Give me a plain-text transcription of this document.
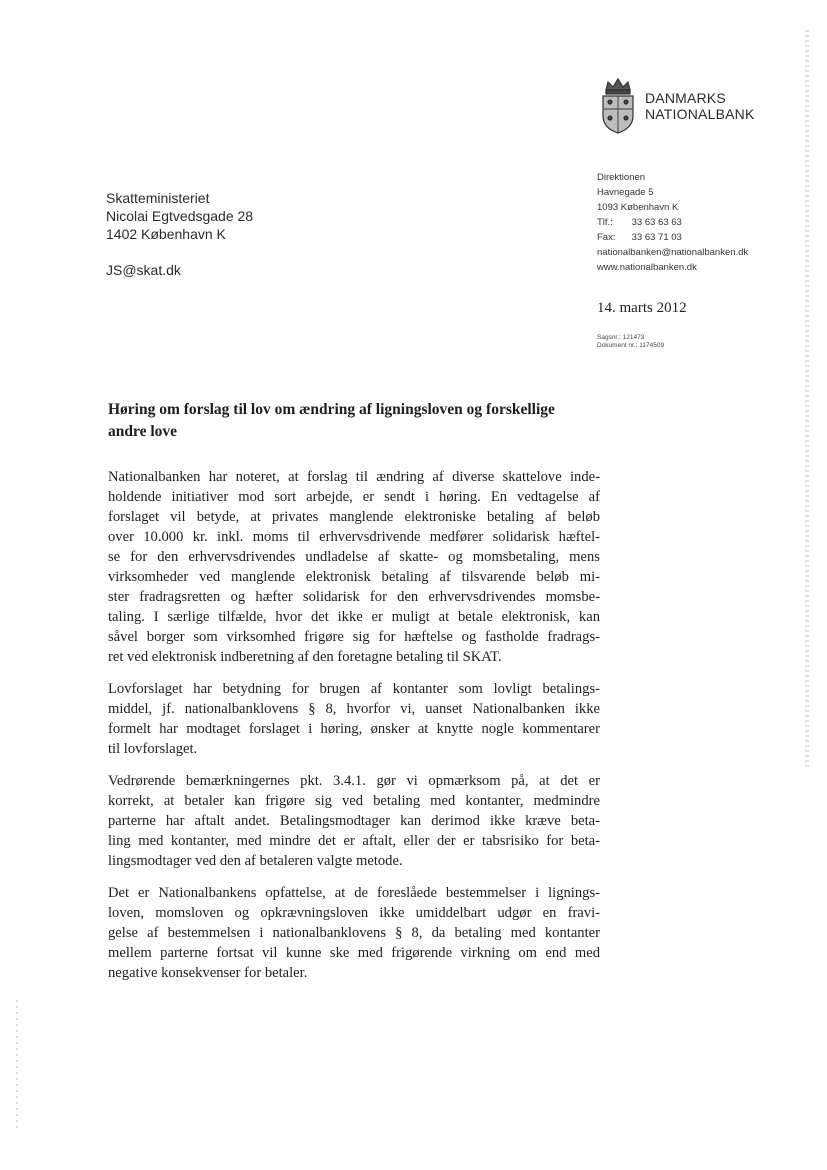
DANMARKS
NATIONALBANK
Direktionen
Havnegade 5
1093 København K
Tlf.: 33 63 63 63
Fax: 33 63 71 03
nationalbanken@nationalbanken.dk
www.nationalbanken.dk
14. marts 2012
Sagsnr.: 121473
Dokument nr.: 1174509
Skatteministeriet
Nicolai Egtvedsgade 28
1402 København K
JS@skat.dk
Høring om forslag til lov om ændring af ligningsloven og forskellige
andre love
Nationalbanken har noteret, at forslag til ændring af diverse skattelove inde-
holdende initiativer mod sort arbejde, er sendt i høring. En vedtagelse af
forslaget vil betyde, at privates manglende elektroniske betaling af beløb
over 10.000 kr. inkl. moms til erhvervsdrivende medfører solidarisk hæftel-
se for den erhvervsdrivendes undladelse af skatte- og momsbetaling, mens
virksomheder ved manglende elektronisk betaling af tilsvarende beløb mi-
ster fradragsretten og hæfter solidarisk for den erhvervsdrivendes momsbe-
taling. I særlige tilfælde, hvor det ikke er muligt at betale elektronisk, kan
såvel borger som virksomhed frigøre sig for hæftelse og fastholde fradrags-
ret ved elektronisk indberetning af den foretagne betaling til SKAT.
Lovforslaget har betydning for brugen af kontanter som lovligt betalings-
middel, jf. nationalbanklovens § 8, hvorfor vi, uanset Nationalbanken ikke
formelt har modtaget forslaget i høring, ønsker at knytte nogle kommentarer
til lovforslaget.
Vedrørende bemærkningernes pkt. 3.4.1. gør vi opmærksom på, at det er
korrekt, at betaler kan frigøre sig ved betaling med kontanter, medmindre
parterne har aftalt andet. Betalingsmodtager kan derimod ikke kræve beta-
ling med kontanter, med mindre det er aftalt, eller der er tabsrisiko for beta-
lingsmodtager ved den af betaleren valgte metode.
Det er Nationalbankens opfattelse, at de foreslåede bestemmelser i lignings-
loven, momsloven og opkrævningsloven ikke umiddelbart udgør en fravi-
gelse af bestemmelsen i nationalbanklovens § 8, da betaling med kontanter
mellem parterne fortsat vil kunne ske med frigørende virkning om end med
negative konsekvenser for betaler.
